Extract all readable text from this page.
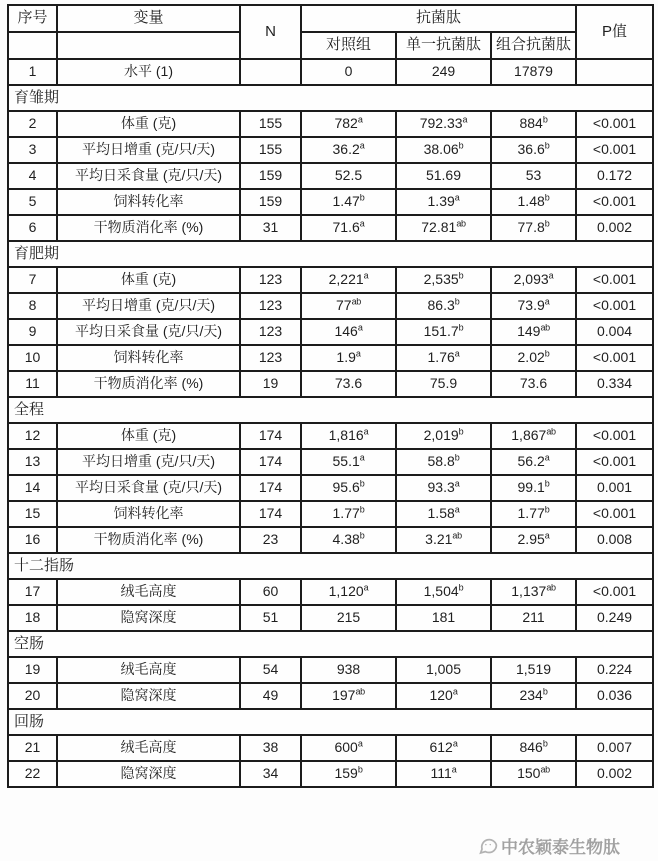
序号	变量	N	抗菌肽			P值
			对照组	单一抗菌肽	组合抗菌肽	
1	水平 (1)		0	249	17879	
育雏期						
2	体重 (克)	155	782$^a$	792.33$^a$	$884^b$	<0.001
3	平均日增重 (克/只/天)	155	36.2$^a$	38.06$^b$	36.6$^b$	<0.001
4	平均日采食量 (克/只/天)	159	52.5	51.69	53	0.172
5	饲料转化率	159	1.47$^b$	1.39$^a$	1.48$^b$	<0.001
6	干物质消化率 (%)	31	71.6$^a$	72.81$^{ab}$	77.8$^b$	0.002
育肥期						
7	体重 (克)	123	2,221$^a$	2,535$^b$	2,093$^a$	<0.001
8	平均日增重 (克/只/天)	123	$77^{ab}$	86.3$^b$	73.9$^a$	<0.001
9	平均日采食量 (克/只/天)	123	146$^a$	151.7$^b$	$149^{ab}$	0.004
10	饲料转化率	123	1.9$^a$	1.76$^a$	2.02$^b$	<0.001
11	干物质消化率 (%)	19	73.6	75.9	73.6	0.334
全程						
12	体重 (克)	174	1,816$^a$	2,019$^b$	1,867$^{ab}$	<0.001
13	平均日增重 (克/只/天)	174	55.1$^a$	58.8$^b$	56.2$^a$	<0.001
14	平均日采食量 (克/只/天)	174	95.6$^b$	93.3$^a$	99.1$^b$	0.001
15	饲料转化率	174	1.77$^b$	1.58$^a$	1.77$^b$	<0.001
16	干物质消化率 (%)	23	4.38$^b$	3.21$^{ab}$	2.95$^a$	0.008
十二指肠						
17	绒毛高度	60	1,120$^a$	1,504$^b$	1,137$^{ab}$	<0.001
18	隐窝深度	51	215	181	211	0.249
空肠						
19	绒毛高度	54	938	1,005	1,519	0.224
20	隐窝深度	49	$197^{ab}$	120$^a$	234$^b$	0.036
回肠						
21	绒毛高度	38	600$^a$	612$^a$	846$^b$	0.007
22	隐窝深度	34	159$^b$	111$^a$	$150^{ab}$	0.002
中农颖泰生物肽
